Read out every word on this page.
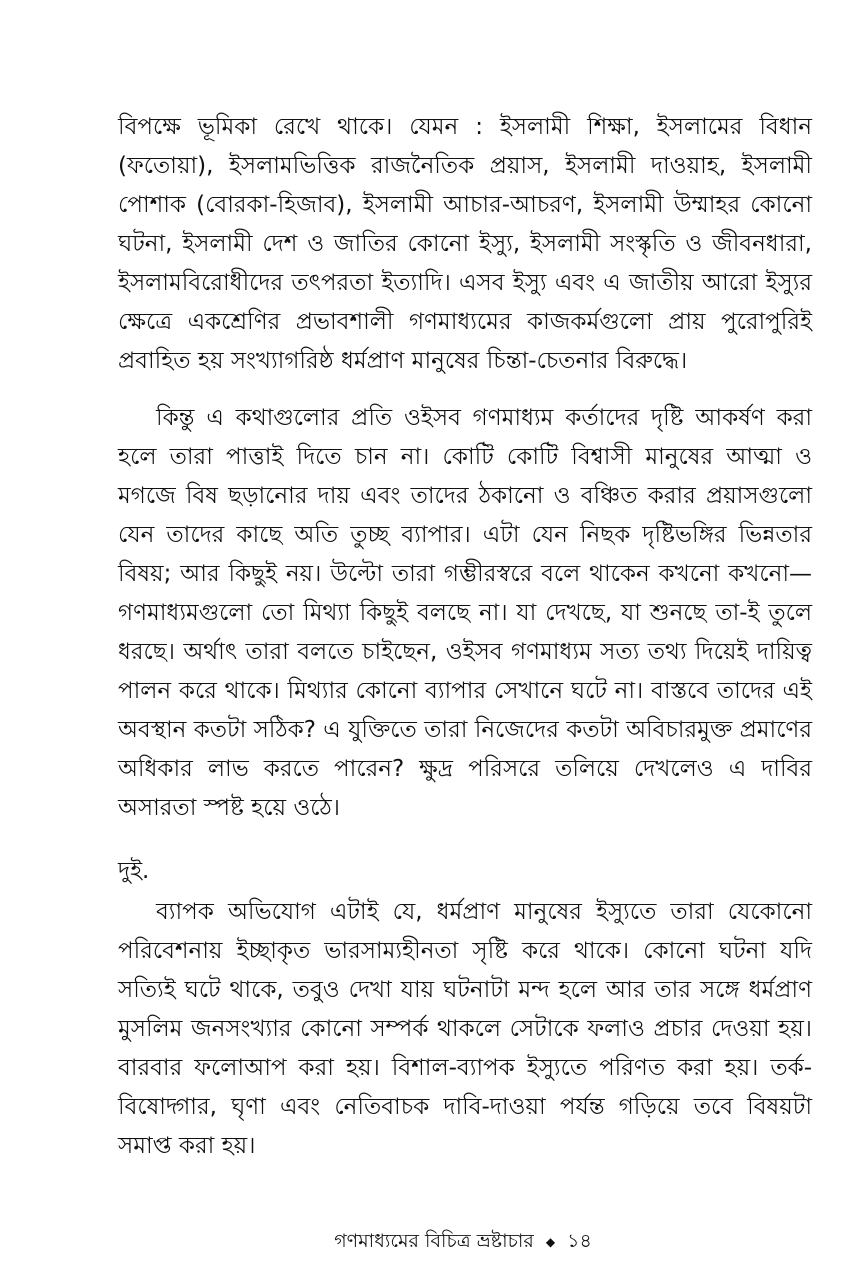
বিপক্ষে ভূমিকা রেখে থাকে। যেমন : ইসলামী শিক্ষা, ইসলামের বিধান (ফতোয়া), ইসলামভিত্তিক রাজনৈতিক প্রয়াস, ইসলামী দাওয়াহ, ইসলামী পোশাক (বোরকা-হিজাব), ইসলামী আচার-আচরণ, ইসলামী উম্মাহর কোনো ঘটনা, ইসলামী দেশ ও জাতির কোনো ইস্যু, ইসলামী সংস্কৃতি ও জীবনধারা, ইসলামবিরোধীদের তৎপরতা ইত্যাদি। এসব ইস্যু এবং এ জাতীয় আরো ইস্যুর ক্ষেত্রে একশ্রেণির প্রভাবশালী গণমাধ্যমের কাজকর্মগুলো প্রায় পুরোপুরিই প্রবাহিত হয় সংখ্যাগরিষ্ঠ ধর্মপ্রাণ মানুষের চিন্তা-চেতনার বিরুদ্ধে।

কিন্তু এ কথাগুলোর প্রতি ওইসব গণমাধ্যম কর্তাদের দৃষ্টি আকর্ষণ করা হলে তারা পাত্তাই দিতে চান না। কোটি কোটি বিশ্বাসী মানুষের আত্মা ও মগজে বিষ ছড়ানোর দায় এবং তাদের ঠকানো ও বঞ্চিত করার প্রয়াসগুলো যেন তাদের কাছে অতি তুচ্ছ ব্যাপার। এটা যেন নিছক দৃষ্টিভঙ্গির ভিন্নতার বিষয়; আর কিছুই নয়। উল্টো তারা গম্ভীরস্বরে বলে থাকেন কখনো কখনো—গণমাধ্যমগুলো তো মিথ্যা কিছুই বলছে না। যা দেখছে, যা শুনছে তা-ই তুলে ধরছে। অর্থাৎ তারা বলতে চাইছেন, ওইসব গণমাধ্যম সত্য তথ্য দিয়েই দায়িত্ব পালন করে থাকে। মিথ্যার কোনো ব্যাপার সেখানে ঘটে না। বাস্তবে তাদের এই অবস্থান কতটা সঠিক? এ যুক্তিতে তারা নিজেদের কতটা অবিচারমুক্ত প্রমাণের অধিকার লাভ করতে পারেন? ক্ষুদ্র পরিসরে তলিয়ে দেখলেও এ দাবির অসারতা স্পষ্ট হয়ে ওঠে।

দুই.

ব্যাপক অভিযোগ এটাই যে, ধর্মপ্রাণ মানুষের ইস্যুতে তারা যেকোনো পরিবেশনায় ইচ্ছাকৃত ভারসাম্যহীনতা সৃষ্টি করে থাকে। কোনো ঘটনা যদি সত্যিই ঘটে থাকে, তবুও দেখা যায় ঘটনাটা মন্দ হলে আর তার সঙ্গে ধর্মপ্রাণ মুসলিম জনসংখ্যার কোনো সম্পর্ক থাকলে সেটাকে ফলাও প্রচার দেওয়া হয়। বারবার ফলোআপ করা হয়। বিশাল-ব্যাপক ইস্যুতে পরিণত করা হয়। তর্ক-বিষোদ্গার, ঘৃণা এবং নেতিবাচক দাবি-দাওয়া পর্যন্ত গড়িয়ে তবে বিষয়টা সমাপ্ত করা হয়।

গণমাধ্যমের বিচিত্র ভ্রষ্টাচার ◆ ১৪
